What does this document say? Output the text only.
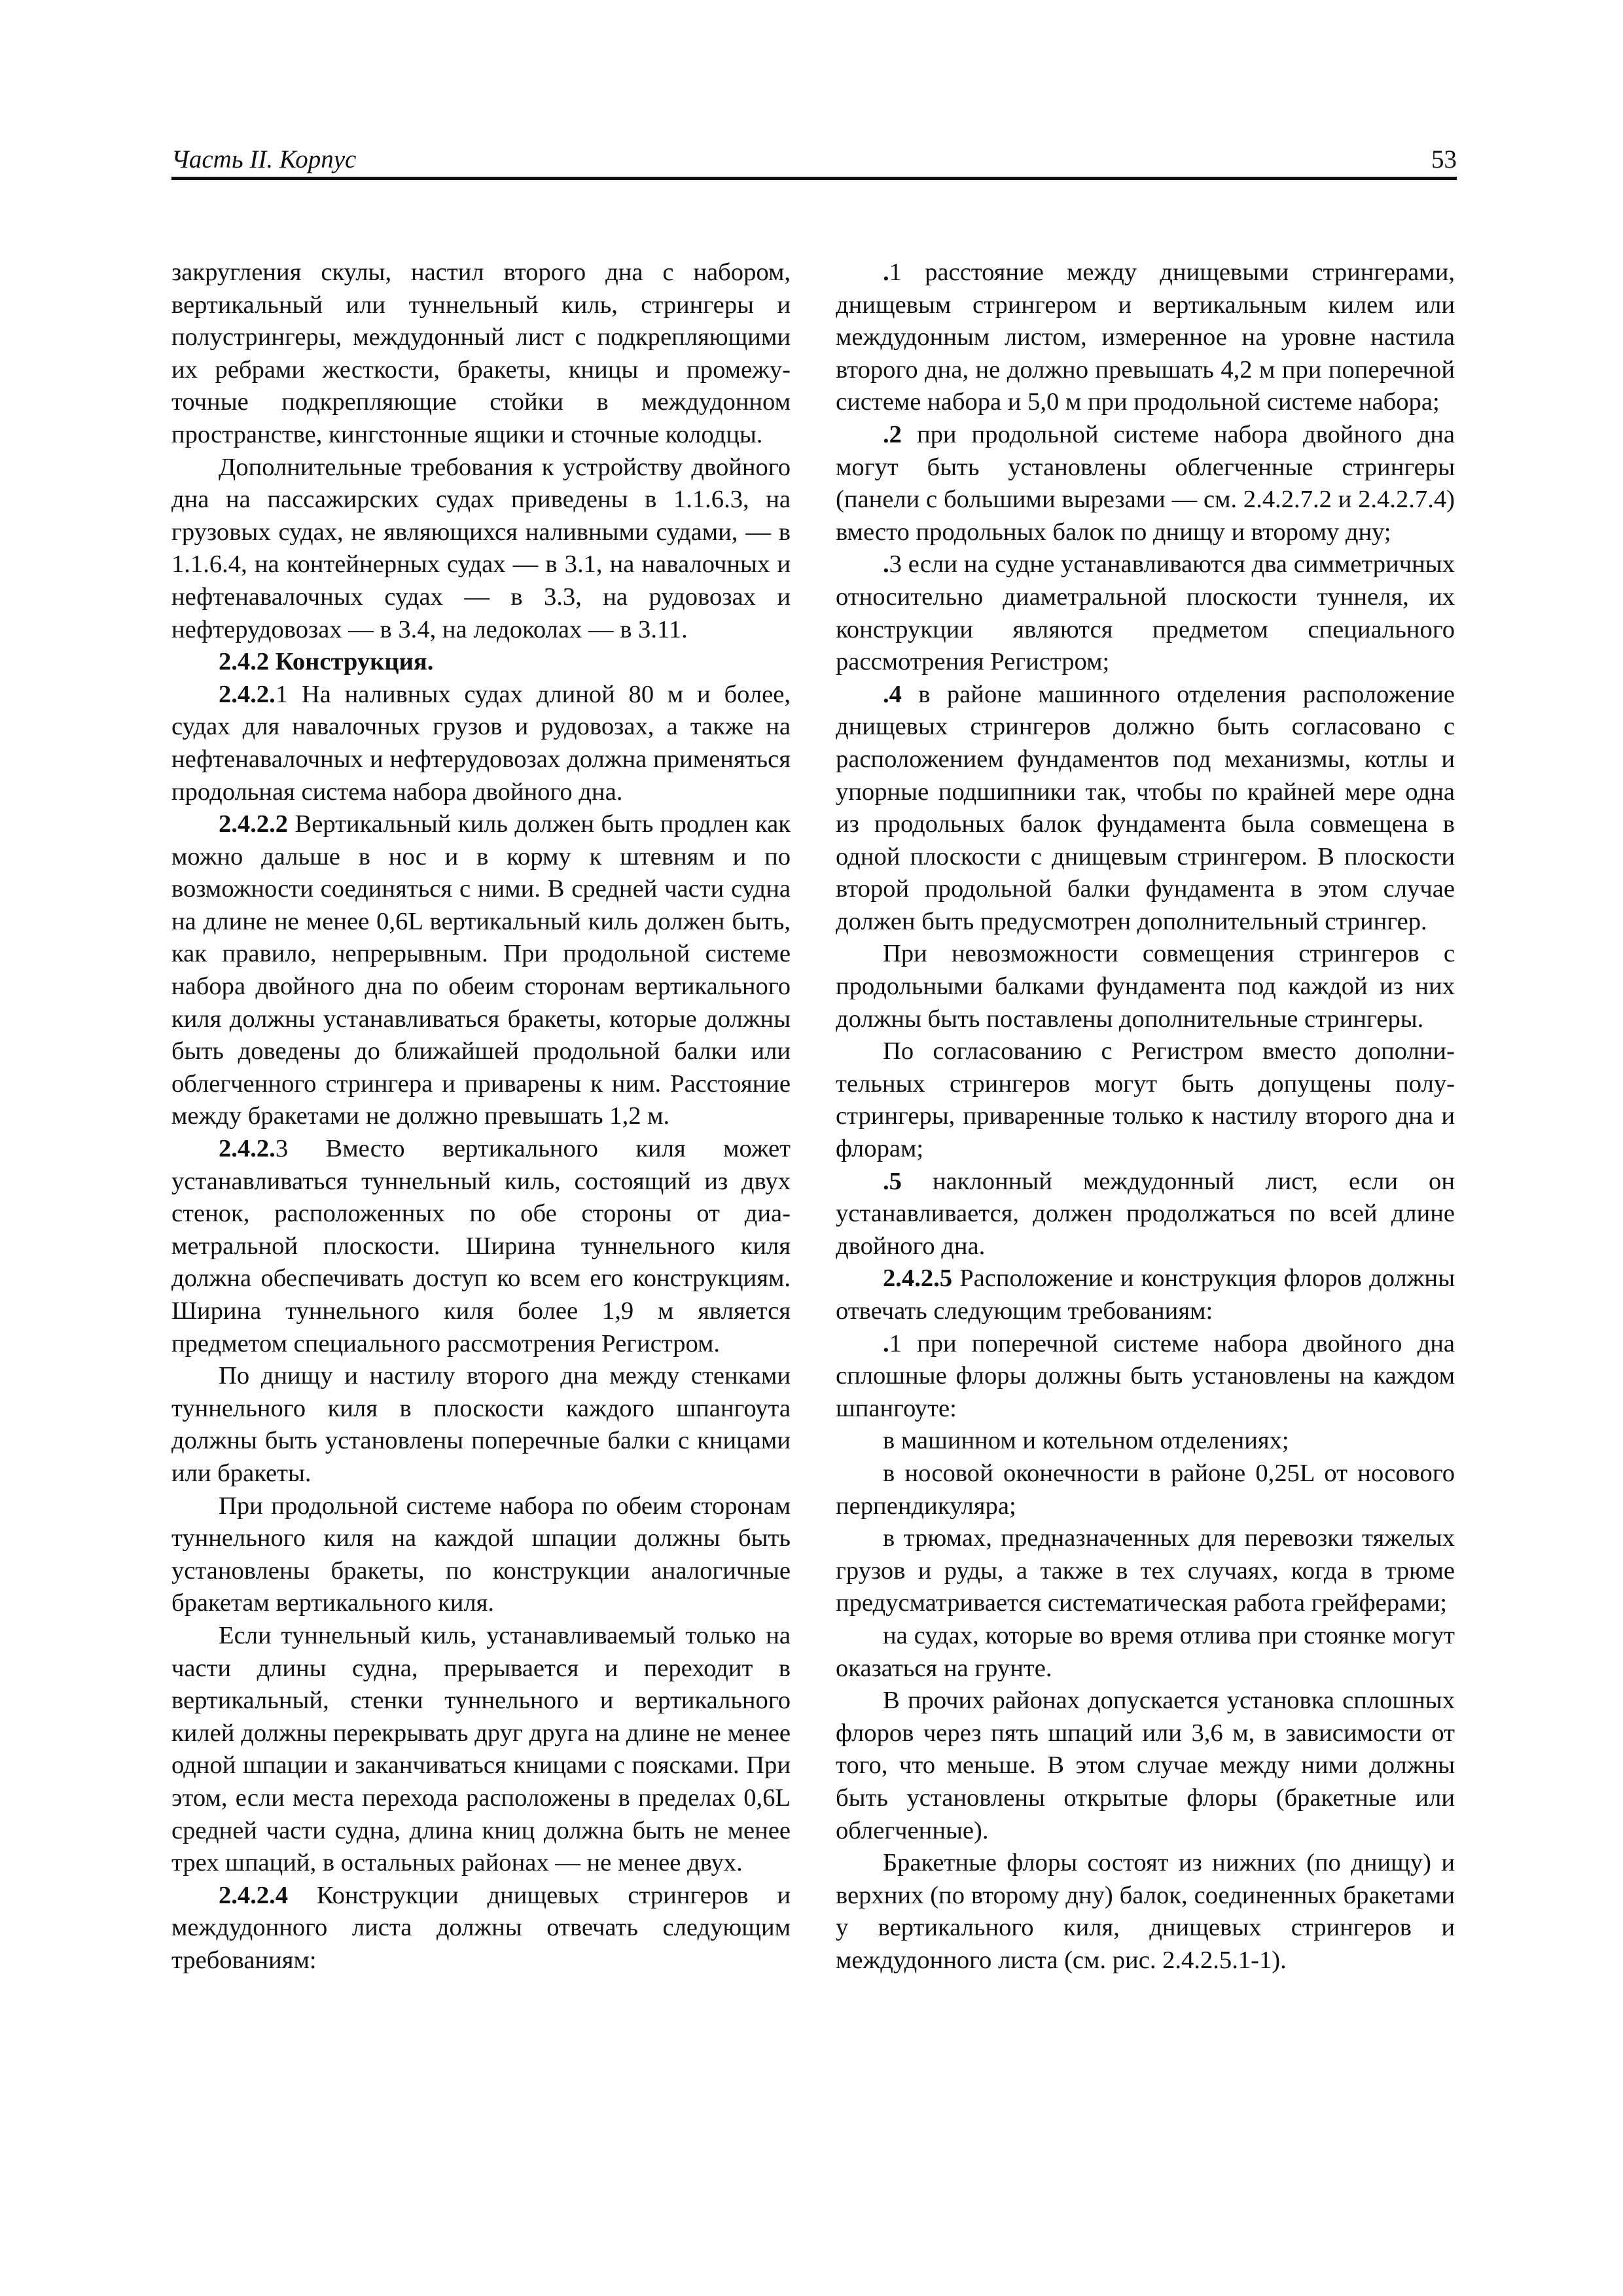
Часть II. Корпус	53

закругления скулы, настил второго дна с набором, вертикальный или туннельный киль, стрингеры и полустрингеры, междудонный лист с подкрепляющими их ребрами жесткости, бракеты, кницы и промежуточные подкрепляющие стойки в междудонном пространстве, кингстонные ящики и сточные колодцы.

Дополнительные требования к устройству двойного дна на пассажирских судах приведены в 1.1.6.3, на грузовых судах, не являющихся наливными судами, — в 1.1.6.4, на контейнерных судах — в 3.1, на навалочных и нефтенавалочных судах — в 3.3, на рудовозах и нефтерудовозах — в 3.4, на ледоколах — в 3.11.

2.4.2 Конструкция.

2.4.2.1 На наливных судах длиной 80 м и более, судах для навалочных грузов и рудовозах, а также на нефтенавалочных и нефтерудовозах должна применяться продольная система набора двойного дна.

2.4.2.2 Вертикальный киль должен быть продлен как можно дальше в нос и в корму к штевням и по возможности соединяться с ними. В средней части судна на длине не менее 0,6L вертикальный киль должен быть, как правило, непрерывным. При продольной системе набора двойного дна по обеим сторонам вертикального киля должны устанавливаться бракеты, которые должны быть доведены до ближайшей продольной балки или облегченного стрингера и приварены к ним. Расстояние между бракетами не должно превышать 1,2 м.

2.4.2.3 Вместо вертикального киля может устанавливаться туннельный киль, состоящий из двух стенок, расположенных по обе стороны от диаметральной плоскости. Ширина туннельного киля должна обеспечивать доступ ко всем его конструкциям. Ширина туннельного киля более 1,9 м является предметом специального рассмотрения Регистром.

По днищу и настилу второго дна между стенками туннельного киля в плоскости каждого шпангоута должны быть установлены поперечные балки с кницами или бракеты.

При продольной системе набора по обеим сторонам туннельного киля на каждой шпации должны быть установлены бракеты, по конструкции аналогичные бракетам вертикального киля.

Если туннельный киль, устанавливаемый только на части длины судна, прерывается и переходит в вертикальный, стенки туннельного и вертикального килей должны перекрывать друг друга на длине не менее одной шпации и заканчиваться кницами с поясками. При этом, если места перехода расположены в пределах 0,6L средней части судна, длина книц должна быть не менее трех шпаций, в остальных районах — не менее двух.

2.4.2.4 Конструкции днищевых стрингеров и междудонного листа должны отвечать следующим требованиям:

.1 расстояние между днищевыми стрингерами, днищевым стрингером и вертикальным килем или междудонным листом, измеренное на уровне настила второго дна, не должно превышать 4,2 м при поперечной системе набора и 5,0 м при продольной системе набора;

.2 при продольной системе набора двойного дна могут быть установлены облегченные стрингеры (панели с большими вырезами — см. 2.4.2.7.2 и 2.4.2.7.4) вместо продольных балок по днищу и второму дну;

.3 если на судне устанавливаются два симметричных относительно диаметральной плоскости туннеля, их конструкции являются предметом специального рассмотрения Регистром;

.4 в районе машинного отделения расположение днищевых стрингеров должно быть согласовано с расположением фундаментов под механизмы, котлы и упорные подшипники так, чтобы по крайней мере одна из продольных балок фундамента была совмещена в одной плоскости с днищевым стрингером. В плоскости второй продольной балки фундамента в этом случае должен быть предусмотрен дополнительный стрингер.

При невозможности совмещения стрингеров с продольными балками фундамента под каждой из них должны быть поставлены дополнительные стрингеры.

По согласованию с Регистром вместо дополнительных стрингеров могут быть допущены полустрингеры, приваренные только к настилу второго дна и флорам;

.5 наклонный междудонный лист, если он устанавливается, должен продолжаться по всей длине двойного дна.

2.4.2.5 Расположение и конструкция флоров должны отвечать следующим требованиям:

.1 при поперечной системе набора двойного дна сплошные флоры должны быть установлены на каждом шпангоуте:

в машинном и котельном отделениях;

в носовой оконечности в районе 0,25L от носового перпендикуляра;

в трюмах, предназначенных для перевозки тяжелых грузов и руды, а также в тех случаях, когда в трюме предусматривается систематическая работа грейферами;

на судах, которые во время отлива при стоянке могут оказаться на грунте.

В прочих районах допускается установка сплошных флоров через пять шпаций или 3,6 м, в зависимости от того, что меньше. В этом случае между ними должны быть установлены открытые флоры (бракетные или облегченные).

Бракетные флоры состоят из нижних (по днищу) и верхних (по второму дну) балок, соединенных бракетами у вертикального киля, днищевых стрингеров и междудонного листа (см. рис. 2.4.2.5.1-1).
